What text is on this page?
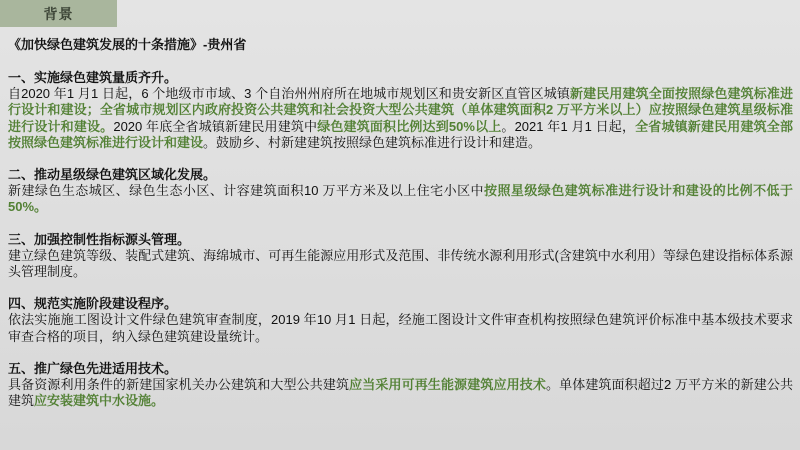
背景
《加快绿色建筑发展的十条措施》-贵州省
一、实施绿色建筑量质齐升。

自2020 年1 月1 日起，6 个地级市市域、3 个自治州州府所在地城市规划区和贵安新区直管区城镇新建民用建筑全面按照绿色建筑标准进行设计和建设；全省城市规划区内政府投资公共建筑和社会投资大型公共建筑（单体建筑面积2 万平方米以上）应按照绿色建筑星级标准进行设计和建设。2020 年底全省城镇新建民用建筑中绿色建筑面积比例达到50%以上。2021 年1 月1 日起，全省城镇新建民用建筑全部按照绿色建筑标准进行设计和建设。鼓励乡、村新建建筑按照绿色建筑标准进行设计和建造。

二、推动星级绿色建筑区域化发展。

新建绿色生态城区、绿色生态小区、计容建筑面积10 万平方米及以上住宅小区中按照星级绿色建筑标准进行设计和建设的比例不低于50%。

三、加强控制性指标源头管理。

建立绿色建筑等级、装配式建筑、海绵城市、可再生能源应用形式及范围、非传统水源利用形式(含建筑中水利用）等绿色建设指标体系源头管理制度。

四、规范实施阶段建设程序。

依法实施施工图设计文件绿色建筑审查制度，2019 年10 月1 日起，经施工图设计文件审查机构按照绿色建筑评价标准中基本级技术要求审查合格的项目，纳入绿色建筑建设量统计。

五、推广绿色先进适用技术。

具备资源利用条件的新建国家机关办公建筑和大型公共建筑应当采用可再生能源建筑应用技术。单体建筑面积超过2 万平方米的新建公共建筑应安装建筑中水设施。
